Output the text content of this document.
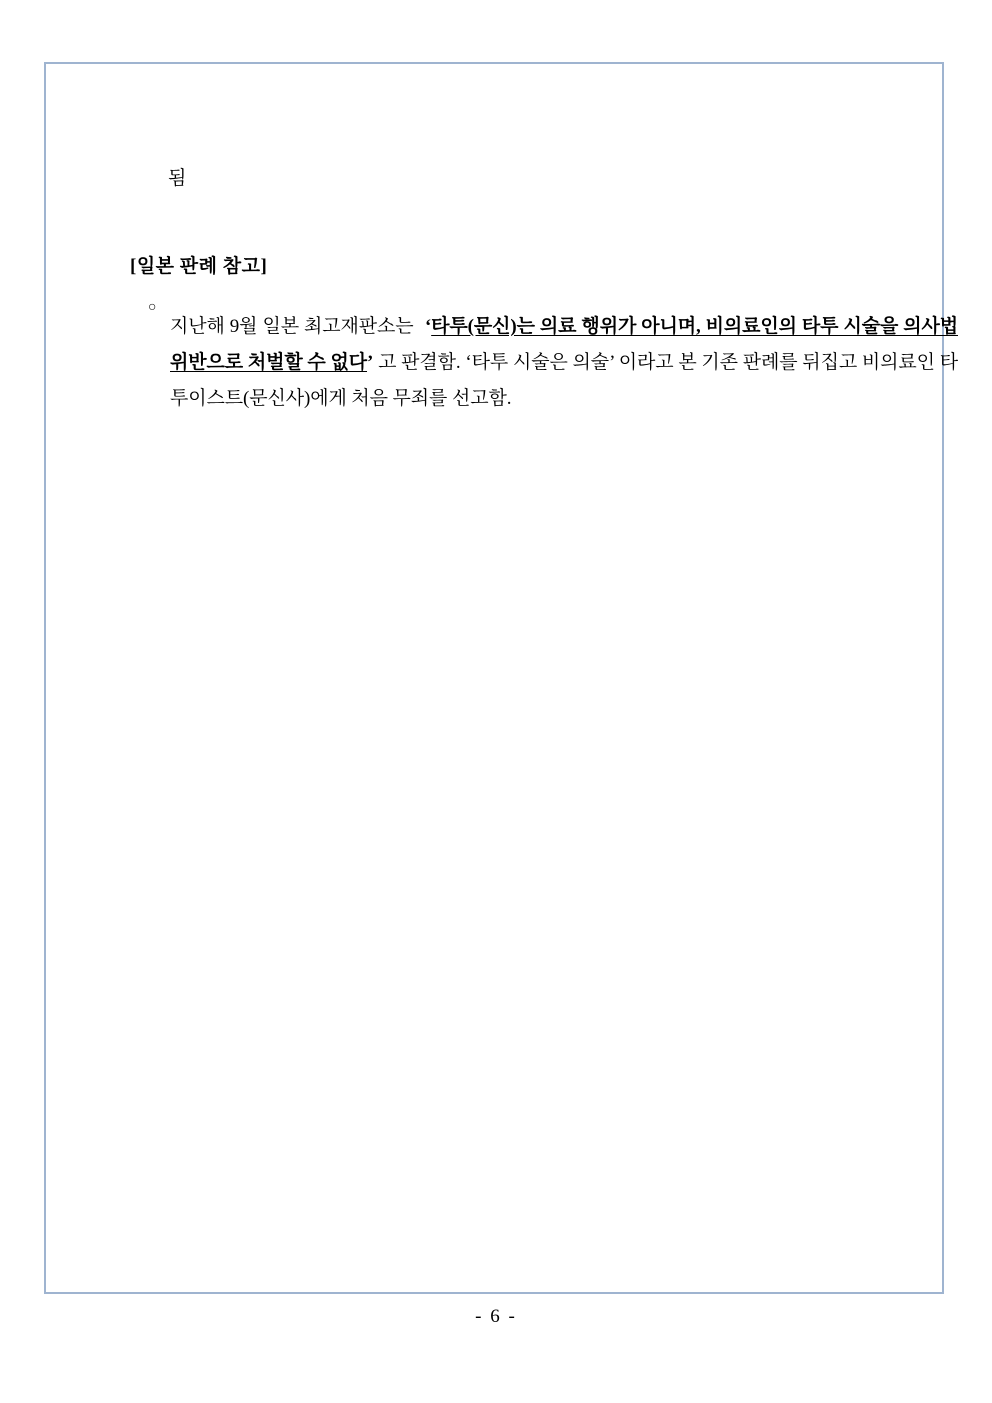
됨

[일본 판례 참고]

○

지난해 9월 일본 최고재판소는 ‘타투(문신)는 의료 행위가 아니며, 비의료인의 타투 시술을 의사법 위반으로 처벌할 수 없다’ 고 판결함. ‘타투 시술은 의술’ 이라고 본 기존 판례를 뒤집고 비의료인 타투이스트(문신사)에게 처음 무죄를 선고함.

- 6 -
